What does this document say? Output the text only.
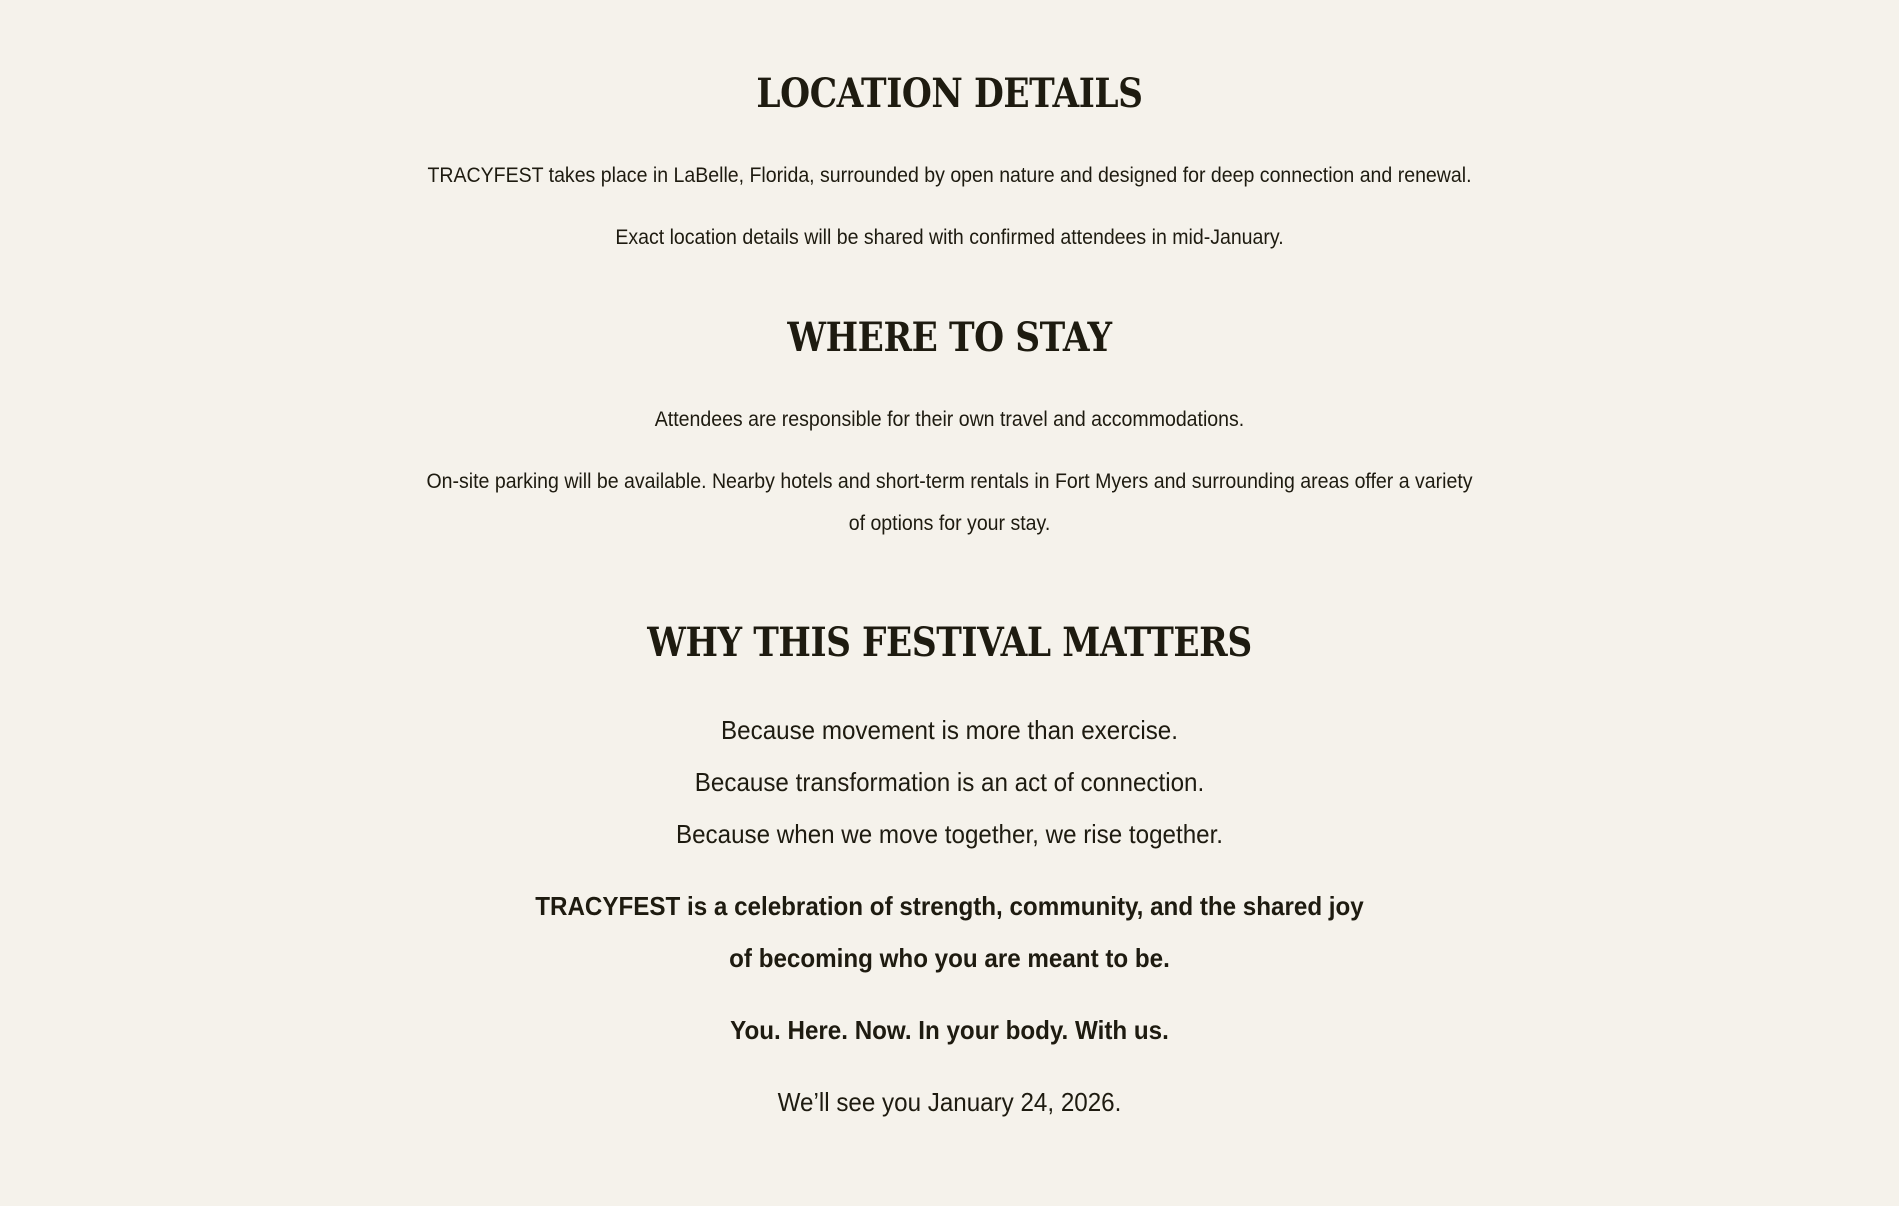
LOCATION DETAILS

TRACYFEST takes place in LaBelle, Florida, surrounded by open nature and designed for deep connection and renewal.

Exact location details will be shared with confirmed attendees in mid-January.

WHERE TO STAY

Attendees are responsible for their own travel and accommodations.

On-site parking will be available. Nearby hotels and short-term rentals in Fort Myers and surrounding areas offer a variety

of options for your stay.

WHY THIS FESTIVAL MATTERS

Because movement is more than exercise.

Because transformation is an act of connection.

Because when we move together, we rise together.

TRACYFEST is a celebration of strength, community, and the shared joy

of becoming who you are meant to be.

You. Here. Now. In your body. With us.

We’ll see you January 24, 2026.
